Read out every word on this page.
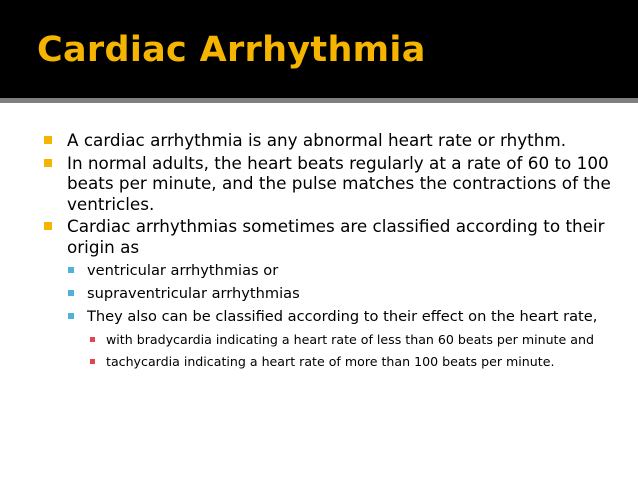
Cardiac Arrhythmia

A cardiac arrhythmia is any abnormal heart rate or rhythm.

In normal adults, the heart beats regularly at a rate of 60 to 100 beats per minute, and the pulse matches the contractions of the ventricles.

Cardiac arrhythmias sometimes are classified according to their origin as

ventricular arrhythmias or
supraventricular arrhythmias
They also can be classified according to their effect on the heart rate,
with bradycardia indicating a heart rate of less than 60 beats per minute and
tachycardia indicating a heart rate of more than 100 beats per minute.
